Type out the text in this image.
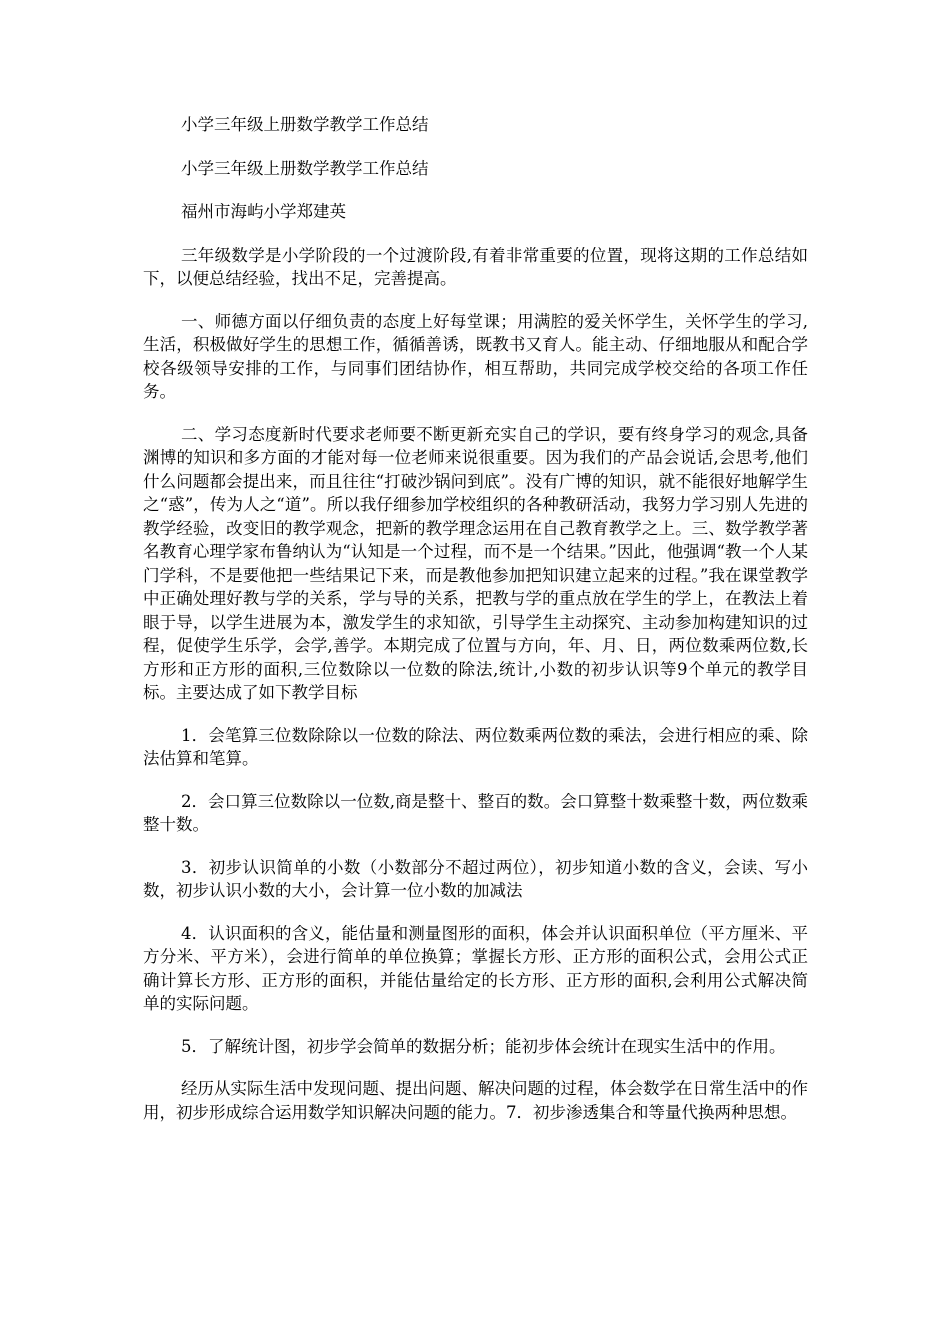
小学三年级上册数学教学工作总结

小学三年级上册数学教学工作总结

福州市海屿小学郑建英

三年级数学是小学阶段的一个过渡阶段,有着非常重要的位置，现将这期的工作总结如下，以便总结经验，找出不足，完善提高。

一、师德方面以仔细负责的态度上好每堂课；用满腔的爱关怀学生，关怀学生的学习,生活，积极做好学生的思想工作，循循善诱，既教书又育人。能主动、仔细地服从和配合学校各级领导安排的工作，与同事们团结协作，相互帮助，共同完成学校交给的各项工作任务。

二、学习态度新时代要求老师要不断更新充实自己的学识，要有终身学习的观念,具备渊博的知识和多方面的才能对每一位老师来说很重要。因为我们的产品会说话,会思考,他们什么问题都会提出来，而且往往“打破沙锅问到底”。没有广博的知识，就不能很好地解学生之“惑”，传为人之“道”。所以我仔细参加学校组织的各种教研活动，我努力学习别人先进的教学经验，改变旧的教学观念，把新的教学理念运用在自己教育教学之上。三、数学教学著名教育心理学家布鲁纳认为“认知是一个过程，而不是一个结果。”因此，他强调“教一个人某门学科，不是要他把一些结果记下来，而是教他参加把知识建立起来的过程。”我在课堂教学中正确处理好教与学的关系，学与导的关系，把教与学的重点放在学生的学上，在教法上着眼于导，以学生进展为本，激发学生的求知欲，引导学生主动探究、主动参加构建知识的过程，促使学生乐学，会学,善学。本期完成了位置与方向，年、月、日，两位数乘两位数,长方形和正方形的面积,三位数除以一位数的除法,统计,小数的初步认识等9个单元的教学目标。主要达成了如下教学目标

1．会笔算三位数除除以一位数的除法、两位数乘两位数的乘法，会进行相应的乘、除法估算和笔算。

2．会口算三位数除以一位数,商是整十、整百的数。会口算整十数乘整十数，两位数乘整十数。

3．初步认识简单的小数（小数部分不超过两位），初步知道小数的含义，会读、写小数，初步认识小数的大小，会计算一位小数的加减法

4．认识面积的含义，能估量和测量图形的面积，体会并认识面积单位（平方厘米、平方分米、平方米），会进行简单的单位换算；掌握长方形、正方形的面积公式，会用公式正确计算长方形、正方形的面积，并能估量给定的长方形、正方形的面积,会利用公式解决简单的实际问题。

5．了解统计图，初步学会简单的数据分析；能初步体会统计在现实生活中的作用。

经历从实际生活中发现问题、提出问题、解决问题的过程，体会数学在日常生活中的作用，初步形成综合运用数学知识解决问题的能力。7．初步渗透集合和等量代换两种思想。
